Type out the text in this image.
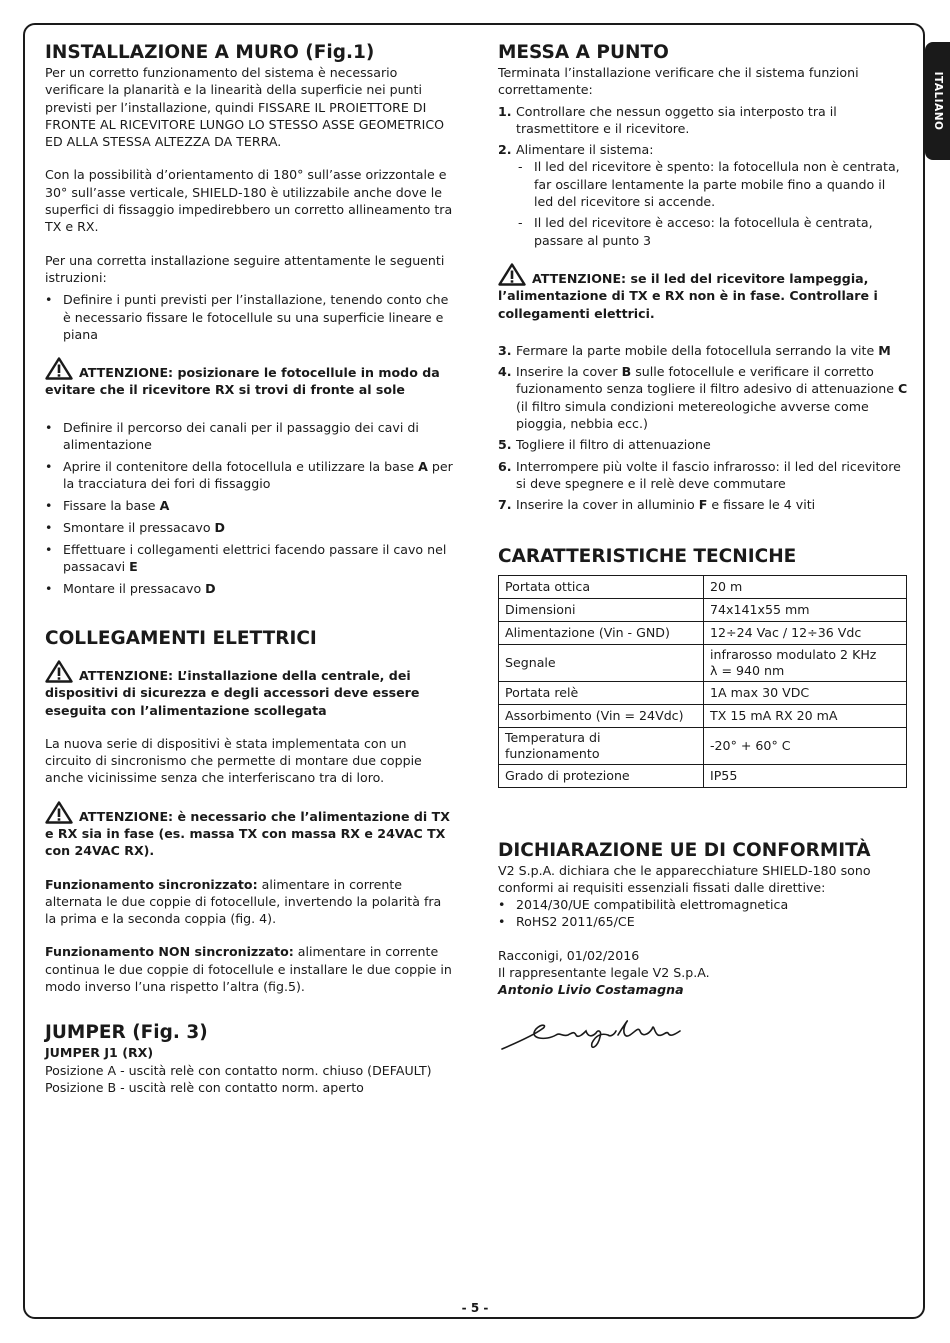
ITALIANO
INSTALLAZIONE A MURO (Fig.1)

Per un corretto funzionamento del sistema è necessario verificare la planarità e la linearità della superficie nei punti previsti per l’installazione, quindi FISSARE IL PROIETTORE DI FRONTE AL RICEVITORE LUNGO LO STESSO ASSE GEOMETRICO ED ALLA STESSA ALTEZZA DA TERRA.

Con la possibilità d’orientamento di 180° sull’asse orizzontale e 30° sull’asse verticale, SHIELD-180 è utilizzabile anche dove le superfici di fissaggio impedirebbero un corretto allineamento tra TX e RX.

Per una corretta installazione seguire attentamente le seguenti istruzioni:

• Definire i punti previsti per l’installazione, tenendo conto che è necessario fissare le fotocellule su una superficie lineare e piana
ATTENZIONE: posizionare le fotocellule in modo da evitare che il ricevitore RX si trovi di fronte al sole
• Definire il percorso dei canali per il passaggio dei cavi di alimentazione
• Aprire il contenitore della fotocellula e utilizzare la base A per la tracciatura dei fori di fissaggio
• Fissare la base A
• Smontare il pressacavo D
• Effettuare i collegamenti elettrici facendo passare il cavo nel passacavi E
• Montare il pressacavo D
COLLEGAMENTI ELETTRICI
ATTENZIONE: L’installazione della centrale, dei dispositivi di sicurezza e degli accessori deve essere eseguita con l’alimentazione scollegata

La nuova serie di dispositivi è stata implementata con un circuito di sincronismo che permette di montare due coppie anche vicinissime senza che interferiscano tra di loro.

ATTENZIONE: è necessario che l’alimentazione di TX e RX sia in fase (es. massa TX con massa RX e 24VAC TX con 24VAC RX).

Funzionamento sincronizzato: alimentare in corrente alternata le due coppie di fotocellule, invertendo la polarità fra la prima e la seconda coppia (fig. 4).

Funzionamento NON sincronizzato: alimentare in corrente continua le due coppie di fotocellule e installare le due coppie in modo inverso l’una rispetto l’altra (fig.5).

JUMPER (Fig. 3)

JUMPER J1 (RX)

Posizione A - uscità relè con contatto norm. chiuso (DEFAULT)

Posizione B - uscità relè con contatto norm. aperto

MESSA A PUNTO

Terminata l’installazione verificare che il sistema funzioni correttamente:

1. Controllare che nessun oggetto sia interposto tra il trasmettitore e il ricevitore.
2. Alimentare il sistema:
- Il led del ricevitore è spento: la fotocellula non è centrata, far oscillare lentamente la parte mobile fino a quando il led del ricevitore si accende.
- Il led del ricevitore è acceso: la fotocellula è centrata, passare al punto 3
ATTENZIONE: se il led del ricevitore lampeggia, l’alimentazione di TX e RX non è in fase. Controllare i collegamenti elettrici.
3. Fermare la parte mobile della fotocellula serrando la vite M
4. Inserire la cover B sulle fotocellule e verificare il corretto fuzionamento senza togliere il filtro adesivo di attenuazione C (il filtro simula condizioni metereologiche avverse come pioggia, nebbia ecc.)
5. Togliere il filtro di attenuazione
6. Interrompere più volte il fascio infrarosso: il led del ricevitore si deve spegnere e il relè deve commutare
7. Inserire la cover in alluminio F e fissare le 4 viti
CARATTERISTICHE TECNICHE
Portata ottica	20 m
Dimensioni	74x141x55 mm
Alimentazione (Vin - GND)	12÷24 Vac / 12÷36 Vdc
Segnale	infrarosso modulato 2 KHz
λ = 940 nm

Portata relè	1A max 30 VDC
Assorbimento (Vin = 24Vdc)	TX 15 mA RX 20 mA
Temperatura di funzionamento	-20° + 60° C
Grado di protezione	IP55
DICHIARAZIONE UE DI CONFORMITÀ

V2 S.p.A. dichiara che le apparecchiature SHIELD-180 sono conformi ai requisiti essenziali fissati dalle direttive:

• 2014/30/UE compatibilità elettromagnetica
• RoHS2 2011/65/CE

Racconigi, 01/02/2016

Il rappresentante legale V2 S.p.A.

Antonio Livio Costamagna

- 5 -
